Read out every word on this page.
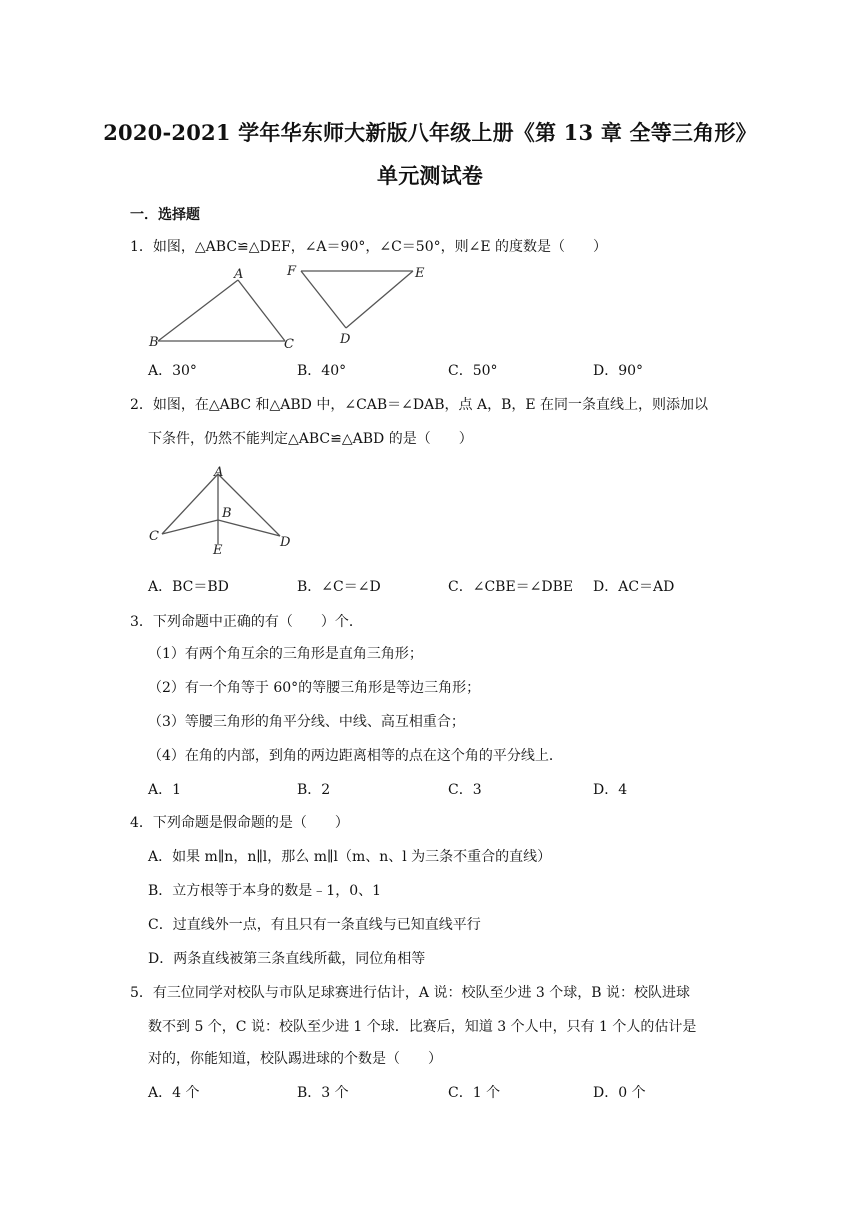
2020-2021 学年华东师大新版八年级上册《第 13 章 全等三角形》
单元测试卷
一．选择题
1．如图，△ABC≌△DEF，∠A＝90°，∠C＝50°，则∠E 的度数是（　　）
A
B	C
F	E
D
A．30°	B．40°	C．50°	D．90°
2．如图，在△ABC 和△ABD 中，∠CAB＝∠DAB，点 A，B，E 在同一条直线上，则添加以
下条件，仍然不能判定△ABC≌△ABD 的是（　　）
A
B
C	D
E
A．BC＝BD	B．∠C＝∠D	C．∠CBE＝∠DBE D．AC＝AD
3．下列命题中正确的有（　　）个．
（1）有两个角互余的三角形是直角三角形；
（2）有一个角等于 60°的等腰三角形是等边三角形；
（3）等腰三角形的角平分线、中线、高互相重合；
（4）在角的内部，到角的两边距离相等的点在这个角的平分线上．
A．1	B．2	C．3	D．4
4．下列命题是假命题的是（　　）
A．如果 m∥n，n∥l，那么 m∥l（m、n、l 为三条不重合的直线）
B．立方根等于本身的数是﹣1，0、1
C．过直线外一点，有且只有一条直线与已知直线平行
D．两条直线被第三条直线所截，同位角相等
5．有三位同学对校队与市队足球赛进行估计，A 说：校队至少进 3 个球，B 说：校队进球
数不到 5 个，C 说：校队至少进 1 个球．比赛后，知道 3 个人中，只有 1 个人的估计是
对的，你能知道，校队踢进球的个数是（　　）
A．4 个	B．3 个	C．1 个	D．0 个
